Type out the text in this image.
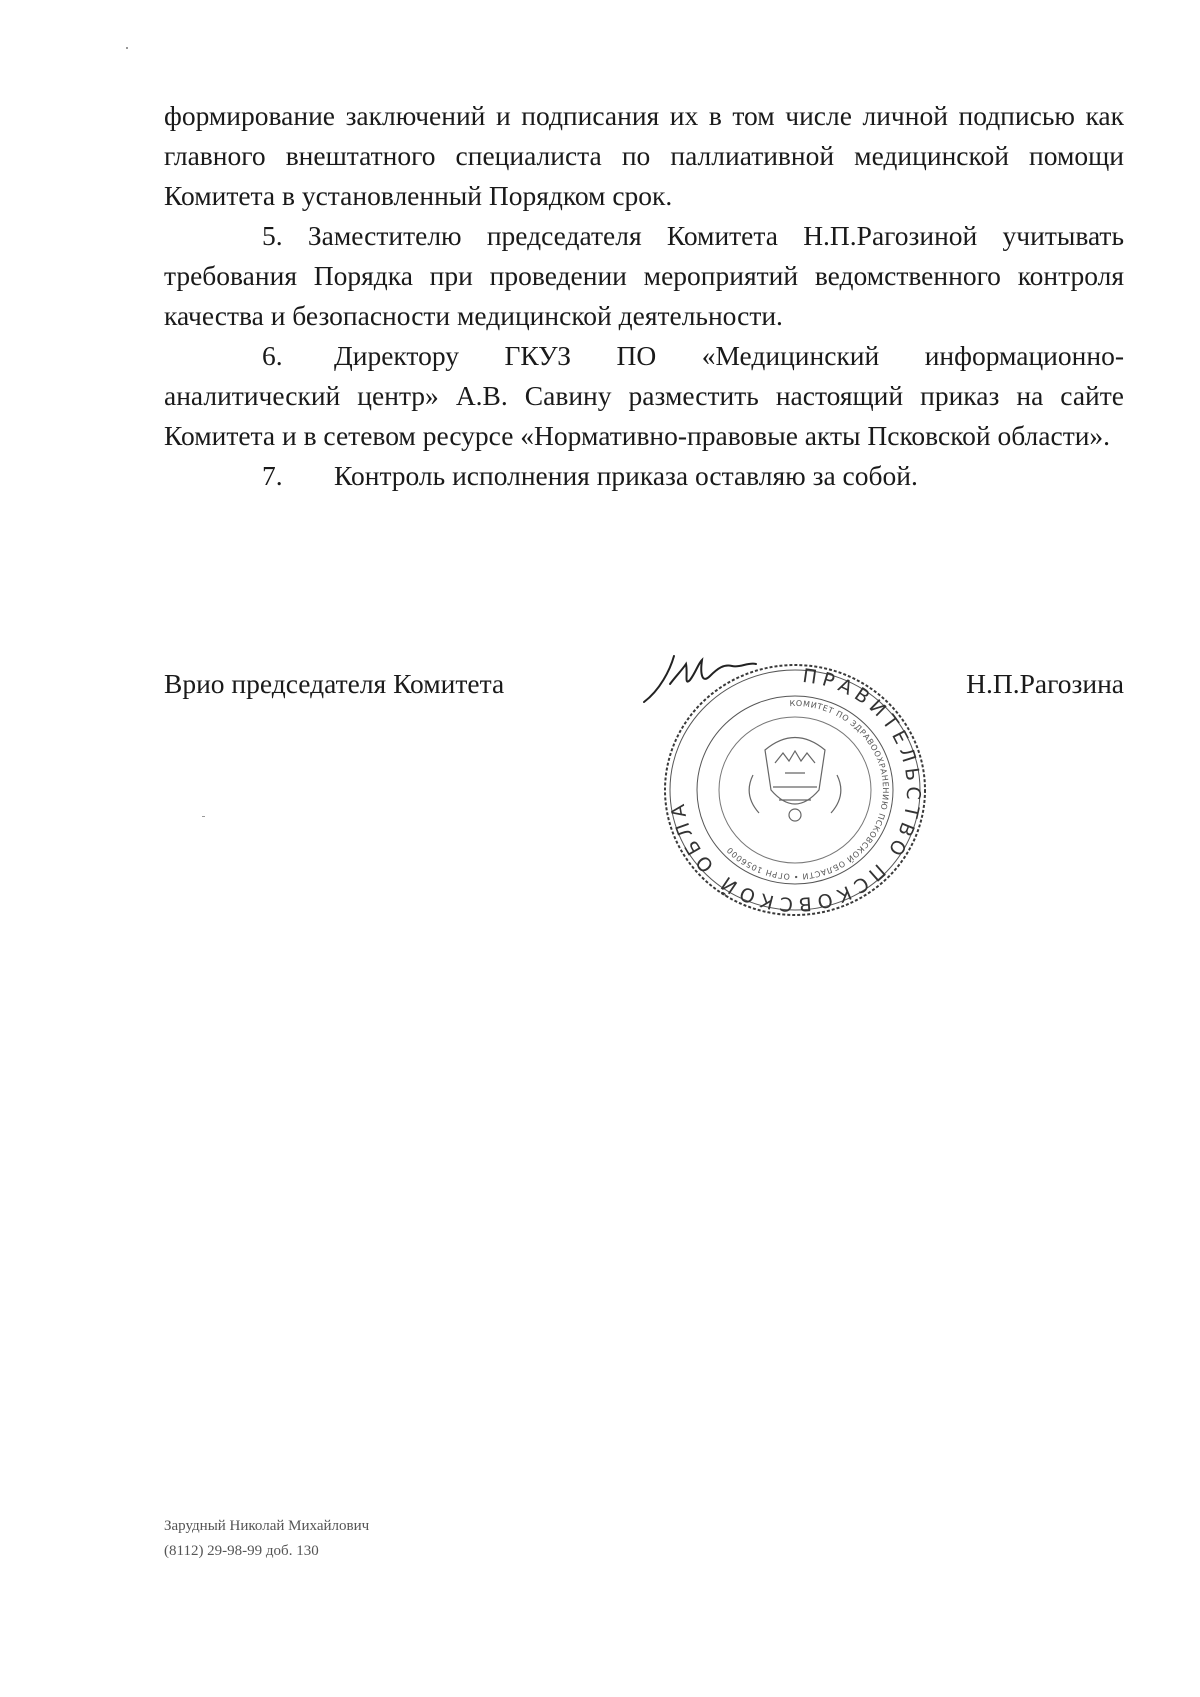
формирование заключений и подписания их в том числе личной подписью как главного внештатного специалиста по паллиативной медицинской помощи Комитета в установленный Порядком срок.

5. Заместителю председателя Комитета Н.П.Рагозиной учитывать требования Порядка при проведении мероприятий ведомственного контроля качества и безопасности медицинской деятельности.

6. Директору ГКУЗ ПО «Медицинский информационно-аналитический центр» А.В. Савину разместить настоящий приказ на сайте Комитета и в сетевом ресурсе «Нормативно-правовые акты Псковской области».

7. Контроль исполнения приказа оставляю за собой.

Врио председателя Комитета	Н.П.Рагозина
ПРАВИТЕЛЬСТВО ПСКОВСКОЙ ОБЛА
КОМИТЕТ ПО ЗДРАВООХРАНЕНИЮ ПСКОВСКОЙ ОБЛАСТИ • ОГРН 1056000
Зарудный Николай Михайлович
(8112) 29-98-99 доб. 130
